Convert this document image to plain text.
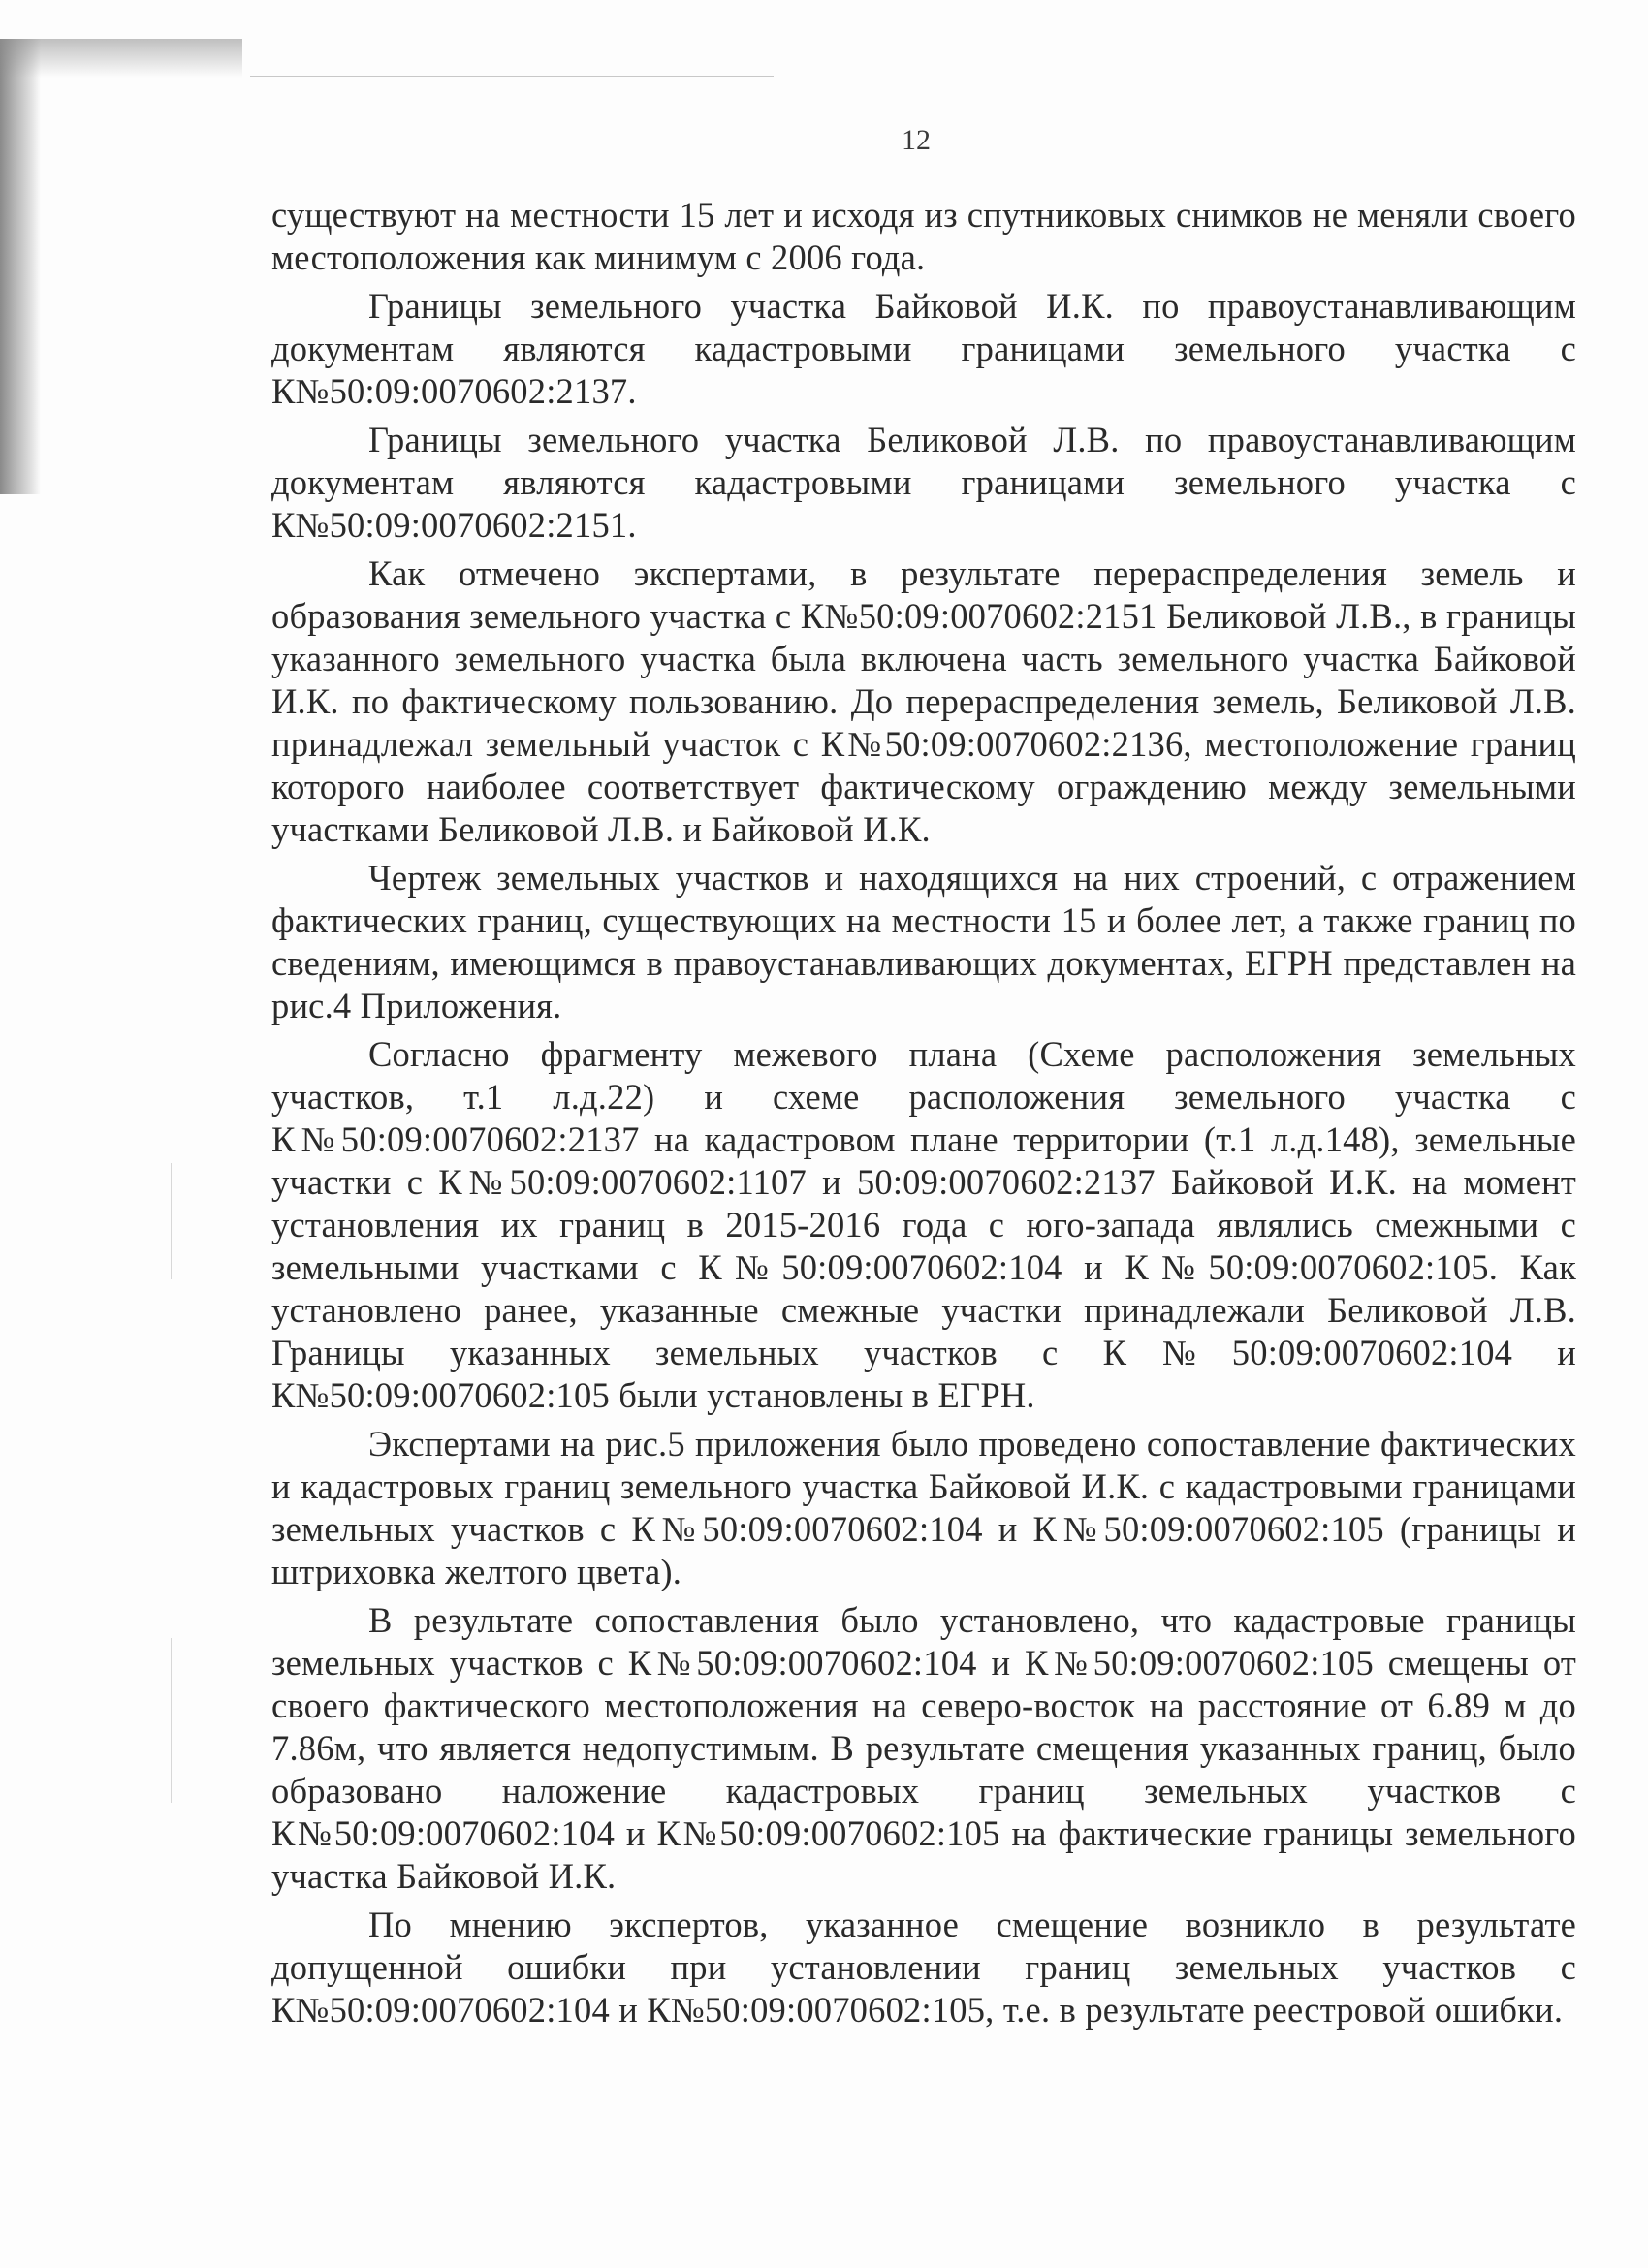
12

существуют на местности 15 лет и исходя из спутниковых снимков не меняли своего местоположения как минимум с 2006 года.

Границы земельного участка Байковой И.К. по правоустанавливающим документам являются кадастровыми границами земельного участка с К№50:09:0070602:2137.

Границы земельного участка Беликовой Л.В. по правоустанавливающим документам являются кадастровыми границами земельного участка с К№50:09:0070602:2151.

Как отмечено экспертами, в результате перераспределения земель и образования земельного участка с К№50:09:0070602:2151 Беликовой Л.В., в границы указанного земельного участка была включена часть земельного участка Байковой И.К. по фактическому пользованию. До перераспределения земель, Беликовой Л.В. принадлежал земельный участок с К№50:09:0070602:2136, местоположение границ которого наиболее соответствует фактическому ограждению между земельными участками Беликовой Л.В. и Байковой И.К.

Чертеж земельных участков и находящихся на них строений, с отражением фактических границ, существующих на местности 15 и более лет, а также границ по сведениям, имеющимся в правоустанавливающих документах, ЕГРН представлен на рис.4 Приложения.

Согласно фрагменту межевого плана (Схеме расположения земельных участков, т.1 л.д.22) и схеме расположения земельного участка с К№50:09:0070602:2137 на кадастровом плане территории (т.1 л.д.148), земельные участки с К№50:09:0070602:1107 и 50:09:0070602:2137 Байковой И.К. на момент установления их границ в 2015-2016 года с юго-запада являлись смежными с земельными участками с К№50:09:0070602:104 и К№50:09:0070602:105. Как установлено ранее, указанные смежные участки принадлежали Беликовой Л.В. Границы указанных земельных участков с К№50:09:0070602:104 и К№50:09:0070602:105 были установлены в ЕГРН.

Экспертами на рис.5 приложения было проведено сопоставление фактических и кадастровых границ земельного участка Байковой И.К. с кадастровыми границами земельных участков с К№50:09:0070602:104 и К№50:09:0070602:105 (границы и штриховка желтого цвета).

В результате сопоставления было установлено, что кадастровые границы земельных участков с К№50:09:0070602:104 и К№50:09:0070602:105 смещены от своего фактического местоположения на северо-восток на расстояние от 6.89 м до 7.86м, что является недопустимым. В результате смещения указанных границ, было образовано наложение кадастровых границ земельных участков с К№50:09:0070602:104 и К№50:09:0070602:105 на фактические границы земельного участка Байковой И.К.

По мнению экспертов, указанное смещение возникло в результате допущенной ошибки при установлении границ земельных участков с К№50:09:0070602:104 и К№50:09:0070602:105, т.е. в результате реестровой ошибки.
